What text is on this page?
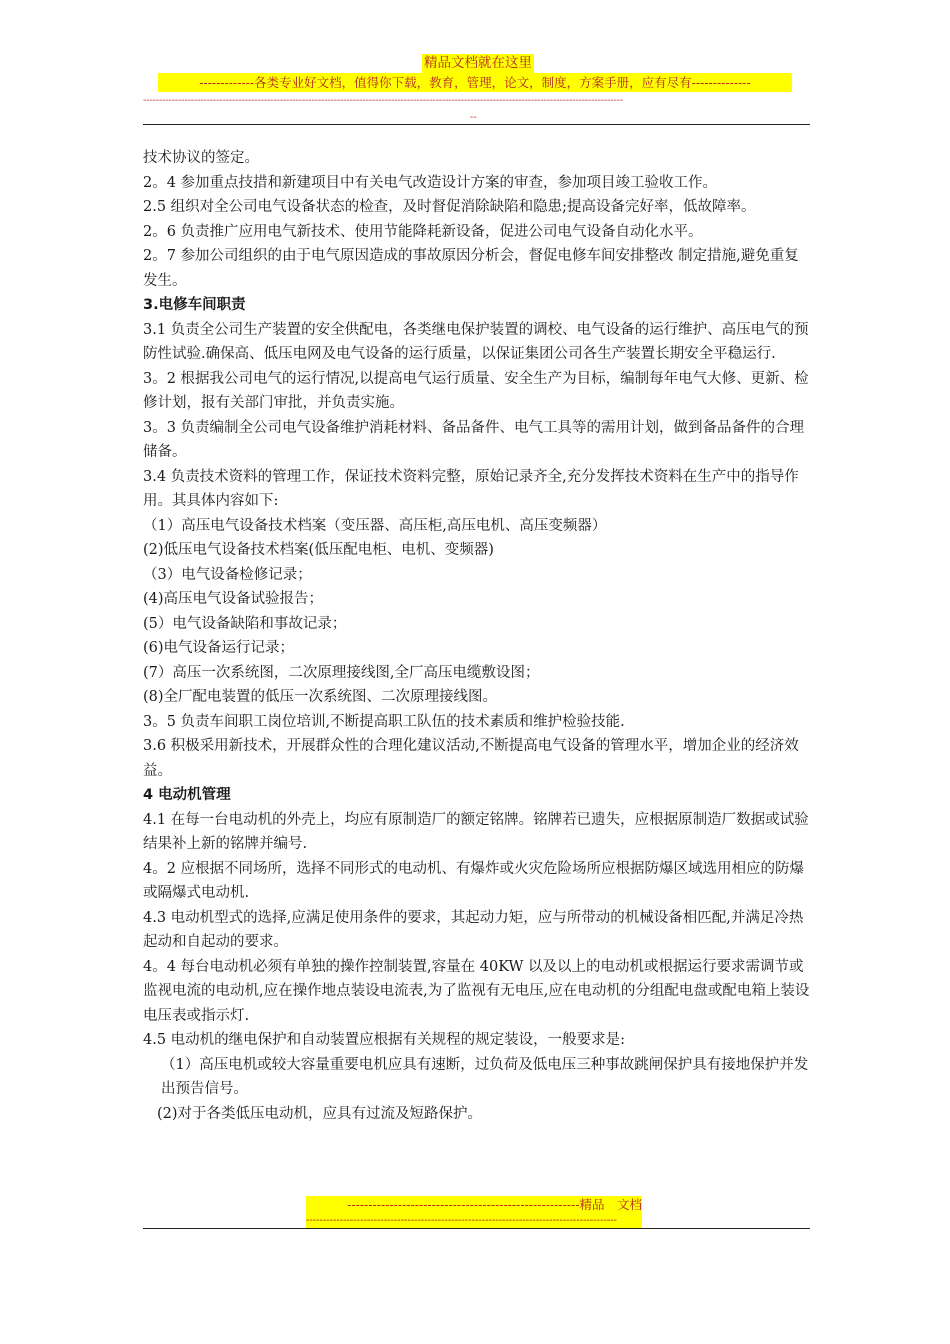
精品文档就在这里
-------------各类专业好文档，值得你下载，教育，管理，论文，制度，方案手册，应有尽有--------------
-------------------------------------------------------------------------------------------------------------------------------------------------------
--

技术协议的签定。

2。4 参加重点技措和新建项目中有关电气改造设计方案的审查，参加项目竣工验收工作。

2.5 组织对全公司电气设备状态的检查，及时督促消除缺陷和隐患;提高设备完好率，低故障率。

2。6 负责推广应用电气新技术、使用节能降耗新设备，促进公司电气设备自动化水平。

2。7 参加公司组织的由于电气原因造成的事故原因分析会，督促电修车间安排整改 制定措施,避免重复发生。

3.电修车间职责

3.1 负责全公司生产装置的安全供配电，各类继电保护装置的调校、电气设备的运行维护、高压电气的预防性试验.确保高、低压电网及电气设备的运行质量，以保证集团公司各生产装置长期安全平稳运行.

3。2 根据我公司电气的运行情况,以提高电气运行质量、安全生产为目标，编制每年电气大修、更新、检修计划，报有关部门审批，并负责实施。

3。3 负责编制全公司电气设备维护消耗材料、备品备件、电气工具等的需用计划，做到备品备件的合理储备。

3.4 负责技术资料的管理工作，保证技术资料完整，原始记录齐全,充分发挥技术资料在生产中的指导作用。其具体内容如下:

（1）高压电气设备技术档案（变压器、高压柜,高压电机、高压变频器）

(2)低压电气设备技术档案(低压配电柜、电机、变频器)

（3）电气设备检修记录；

(4)高压电气设备试验报告；

(5）电气设备缺陷和事故记录；

(6)电气设备运行记录；

(7）高压一次系统图，二次原理接线图,全厂高压电缆敷设图；

(8)全厂配电装置的低压一次系统图、二次原理接线图。

3。5 负责车间职工岗位培训,不断提高职工队伍的技术素质和维护检验技能.

3.6 积极采用新技术，开展群众性的合理化建议活动,不断提高电气设备的管理水平，增加企业的经济效益。

4 电动机管理

4.1 在每一台电动机的外壳上，均应有原制造厂的额定铭牌。铭牌若已遗失，应根据原制造厂数据或试验结果补上新的铭牌并编号.

4。2 应根据不同场所，选择不同形式的电动机、有爆炸或火灾危险场所应根据防爆区域选用相应的防爆或隔爆式电动机.

4.3 电动机型式的选择,应满足使用条件的要求，其起动力矩，应与所带动的机械设备相匹配,并满足冷热起动和自起动的要求。

4。4 每台电动机必须有单独的操作控制装置,容量在 40KW 以及以上的电动机或根据运行要求需调节或监视电流的电动机,应在操作地点装设电流表,为了监视有无电压,应在电动机的分组配电盘或配电箱上装设电压表或指示灯.

4.5 电动机的继电保护和自动装置应根据有关规程的规定装设，一般要求是:

（1）高压电机或较大容量重要电机应具有速断，过负荷及低电压三种事故跳闸保护具有接地保护并发出预告信号。

(2)对于各类低压电动机，应具有过流及短路保护。

-------------------------------------------------------精品　文档
--------------------------------------------------------------------------------------------
